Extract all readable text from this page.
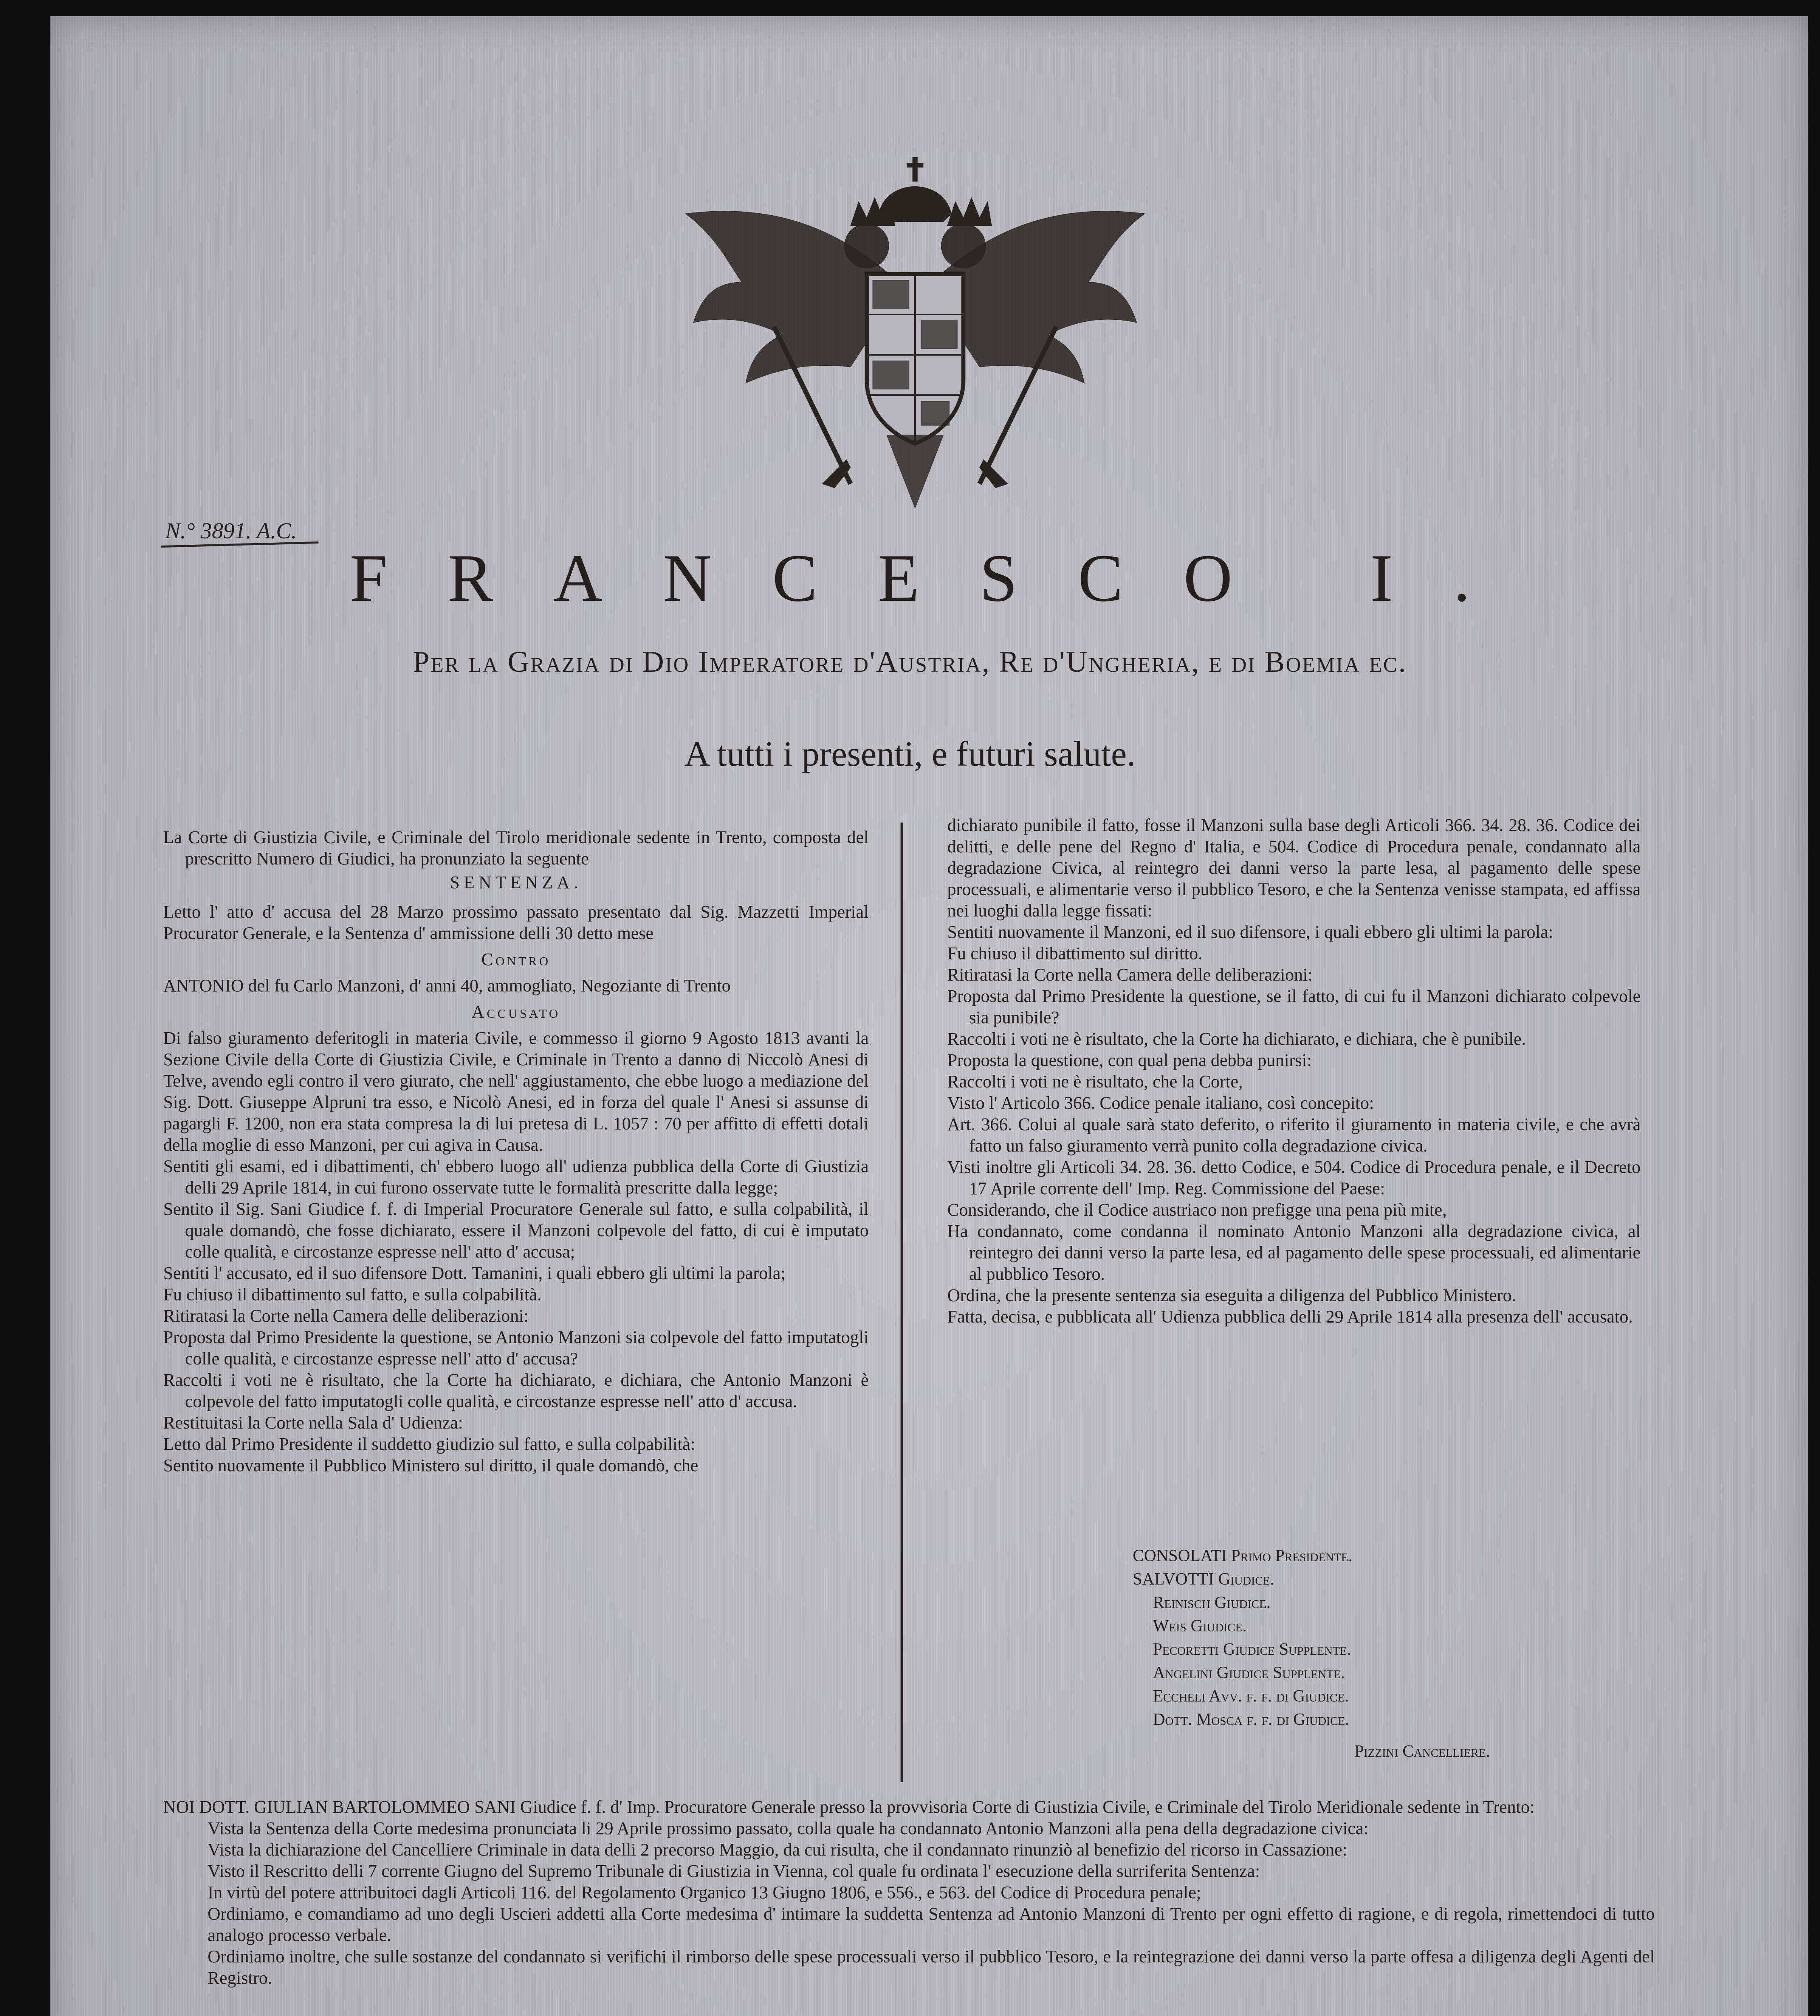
N.° 3891. A.C.
FRANCESCO I.
Per la Grazia di Dio Imperatore d'Austria, Re d'Ungheria, e di Boemia ec.
A tutti i presenti, e futuri salute.

La Corte di Giustizia Civile, e Criminale del Tirolo meridionale sedente in Trento, composta del prescritto Numero di Giudici, ha pronunziato la seguente

SENTENZA.

Letto l' atto d' accusa del 28 Marzo prossimo passato presentato dal Sig. Mazzetti Imperial Procurator Generale, e la Sentenza d' ammissione delli 30 detto mese

Contro

ANTONIO del fu Carlo Manzoni, d' anni 40, ammogliato, Negoziante di Trento

Accusato

Di falso giuramento deferitogli in materia Civile, e commesso il giorno 9 Agosto 1813 avanti la Sezione Civile della Corte di Giustizia Civile, e Criminale in Trento a danno di Niccolò Anesi di Telve, avendo egli contro il vero giurato, che nell' aggiustamento, che ebbe luogo a mediazione del Sig. Dott. Giuseppe Alpruni tra esso, e Nicolò Anesi, ed in forza del quale l' Anesi si assunse di pagargli F. 1200, non era stata compresa la di lui pretesa di L. 1057 : 70 per affitto di effetti dotali della moglie di esso Manzoni, per cui agiva in Causa.

Sentiti gli esami, ed i dibattimenti, ch' ebbero luogo all' udienza pubblica della Corte di Giustizia delli 29 Aprile 1814, in cui furono osservate tutte le formalità prescritte dalla legge;

Sentito il Sig. Sani Giudice f. f. di Imperial Procuratore Generale sul fatto, e sulla colpabilità, il quale domandò, che fosse dichiarato, essere il Manzoni colpevole del fatto, di cui è imputato colle qualità, e circostanze espresse nell' atto d' accusa;

Sentiti l' accusato, ed il suo difensore Dott. Tamanini, i quali ebbero gli ultimi la parola;

Fu chiuso il dibattimento sul fatto, e sulla colpabilità.

Ritiratasi la Corte nella Camera delle deliberazioni:

Proposta dal Primo Presidente la questione, se Antonio Manzoni sia colpevole del fatto imputatogli colle qualità, e circostanze espresse nell' atto d' accusa?

Raccolti i voti ne è risultato, che la Corte ha dichiarato, e dichiara, che Antonio Manzoni è colpevole del fatto imputatogli colle qualità, e circostanze espresse nell' atto d' accusa.

Restituitasi la Corte nella Sala d' Udienza:

Letto dal Primo Presidente il suddetto giudizio sul fatto, e sulla colpabilità:

Sentito nuovamente il Pubblico Ministero sul diritto, il quale domandò, che

dichiarato punibile il fatto, fosse il Manzoni sulla base degli Articoli 366. 34. 28. 36. Codice dei delitti, e delle pene del Regno d' Italia, e 504. Codice di Procedura penale, condannato alla degradazione Civica, al reintegro dei danni verso la parte lesa, al pagamento delle spese processuali, e alimentarie verso il pubblico Tesoro, e che la Sentenza venisse stampata, ed affissa nei luoghi dalla legge fissati:

Sentiti nuovamente il Manzoni, ed il suo difensore, i quali ebbero gli ultimi la parola:

Fu chiuso il dibattimento sul diritto.

Ritiratasi la Corte nella Camera delle deliberazioni:

Proposta dal Primo Presidente la questione, se il fatto, di cui fu il Manzoni dichiarato colpevole sia punibile?

Raccolti i voti ne è risultato, che la Corte ha dichiarato, e dichiara, che è punibile.

Proposta la questione, con qual pena debba punirsi:

Raccolti i voti ne è risultato, che la Corte,

Visto l' Articolo 366. Codice penale italiano, così concepito:

Art. 366. Colui al quale sarà stato deferito, o riferito il giuramento in materia civile, e che avrà fatto un falso giuramento verrà punito colla degradazione civica.

Visti inoltre gli Articoli 34. 28. 36. detto Codice, e 504. Codice di Procedura penale, e il Decreto 17 Aprile corrente dell' Imp. Reg. Commissione del Paese:

Considerando, che il Codice austriaco non prefigge una pena più mite,

Ha condannato, come condanna il nominato Antonio Manzoni alla degradazione civica, al reintegro dei danni verso la parte lesa, ed al pagamento delle spese processuali, ed alimentarie al pubblico Tesoro.

Ordina, che la presente sentenza sia eseguita a diligenza del Pubblico Ministero.

Fatta, decisa, e pubblicata all' Udienza pubblica delli 29 Aprile 1814 alla presenza dell' accusato.

CONSOLATI Primo Presidente.
SALVOTTI Giudice.
Reinisch Giudice.
Weis Giudice.
Pecoretti Giudice Supplente.
Angelini Giudice Supplente.
Eccheli Avv. f. f. di Giudice.
Dott. Mosca f. f. di Giudice.
Pizzini Cancelliere.

NOI DOTT. GIULIAN BARTOLOMMEO SANI Giudice f. f. d' Imp. Procuratore Generale presso la provvisoria Corte di Giustizia Civile, e Criminale del Tirolo Meridionale sedente in Trento:

Vista la Sentenza della Corte medesima pronunciata li 29 Aprile prossimo passato, colla quale ha condannato Antonio Manzoni alla pena della degradazione civica:

Vista la dichiarazione del Cancelliere Criminale in data delli 2 precorso Maggio, da cui risulta, che il condannato rinunziò al benefizio del ricorso in Cassazione:

Visto il Rescritto delli 7 corrente Giugno del Supremo Tribunale di Giustizia in Vienna, col quale fu ordinata l' esecuzione della surriferita Sentenza:

In virtù del potere attribuitoci dagli Articoli 116. del Regolamento Organico 13 Giugno 1806, e 556., e 563. del Codice di Procedura penale;

Ordiniamo, e comandiamo ad uno degli Uscieri addetti alla Corte medesima d' intimare la suddetta Sentenza ad Antonio Manzoni di Trento per ogni effetto di ragione, e di regola, rimettendoci di tutto analogo processo verbale.

Ordiniamo inoltre, che sulle sostanze del condannato si verifichi il rimborso delle spese processuali verso il pubblico Tesoro, e la reintegrazione dei danni verso la parte offesa a diligenza degli Agenti del Registro.
